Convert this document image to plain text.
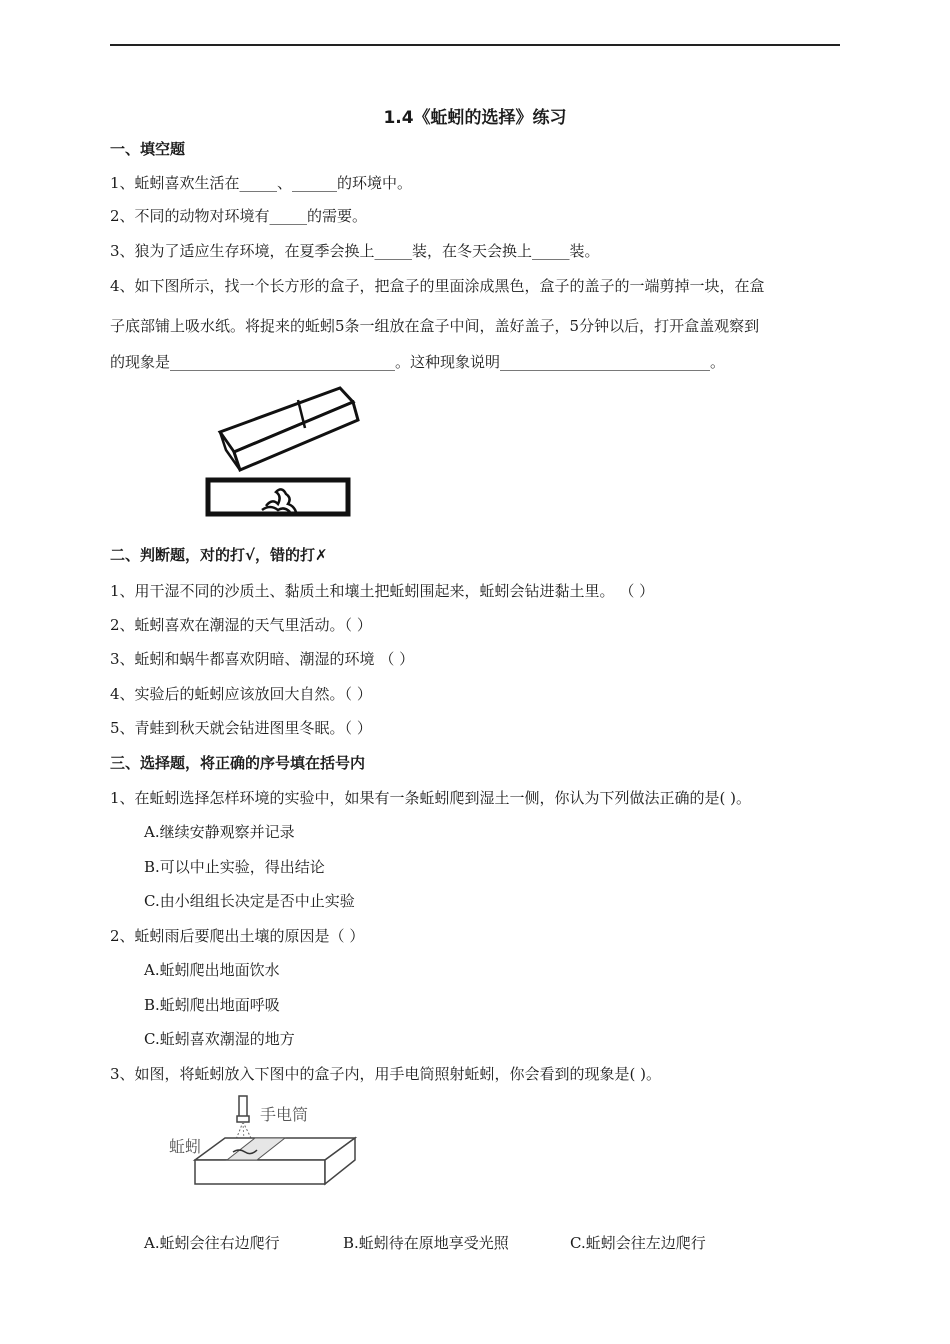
1.4《蚯蚓的选择》练习
一、填空题
1、蚯蚓喜欢生活在_____、______的环境中。
2、不同的动物对环境有_____的需要。
3、狼为了适应生存环境，在夏季会换上_____装，在冬天会换上_____装。
4、如下图所示，找一个长方形的盒子，把盒子的里面涂成黑色，盒子的盖子的一端剪掉一块，在盒
子底部铺上吸水纸。将捉来的蚯蚓5条一组放在盒子中间，盖好盖子，5分钟以后，打开盒盖观察到
的现象是______________________________。这种现象说明____________________________。
二、判断题，对的打√，错的打✗
1、用干湿不同的沙质土、黏质土和壤土把蚯蚓围起来，蚯蚓会钻进黏土里。 （ ）
2、蚯蚓喜欢在潮湿的天气里活动。（ ）
3、蚯蚓和蜗牛都喜欢阴暗、潮湿的环境 （ ）
4、实验后的蚯蚓应该放回大自然。（ ）
5、青蛙到秋天就会钻进图里冬眠。（ ）
三、选择题，将正确的序号填在括号内
1、在蚯蚓选择怎样环境的实验中，如果有一条蚯蚓爬到湿土一侧，你认为下列做法正确的是( )。
A.继续安静观察并记录
B.可以中止实验，得出结论
C.由小组组长决定是否中止实验
2、蚯蚓雨后要爬出土壤的原因是（ ）
A.蚯蚓爬出地面饮水
B.蚯蚓爬出地面呼吸
C.蚯蚓喜欢潮湿的地方
3、如图，将蚯蚓放入下图中的盒子内，用手电筒照射蚯蚓，你会看到的现象是( )。
手电筒
蚯蚓
A.蚯蚓会往右边爬行	B.蚯蚓待在原地享受光照	C.蚯蚓会往左边爬行
